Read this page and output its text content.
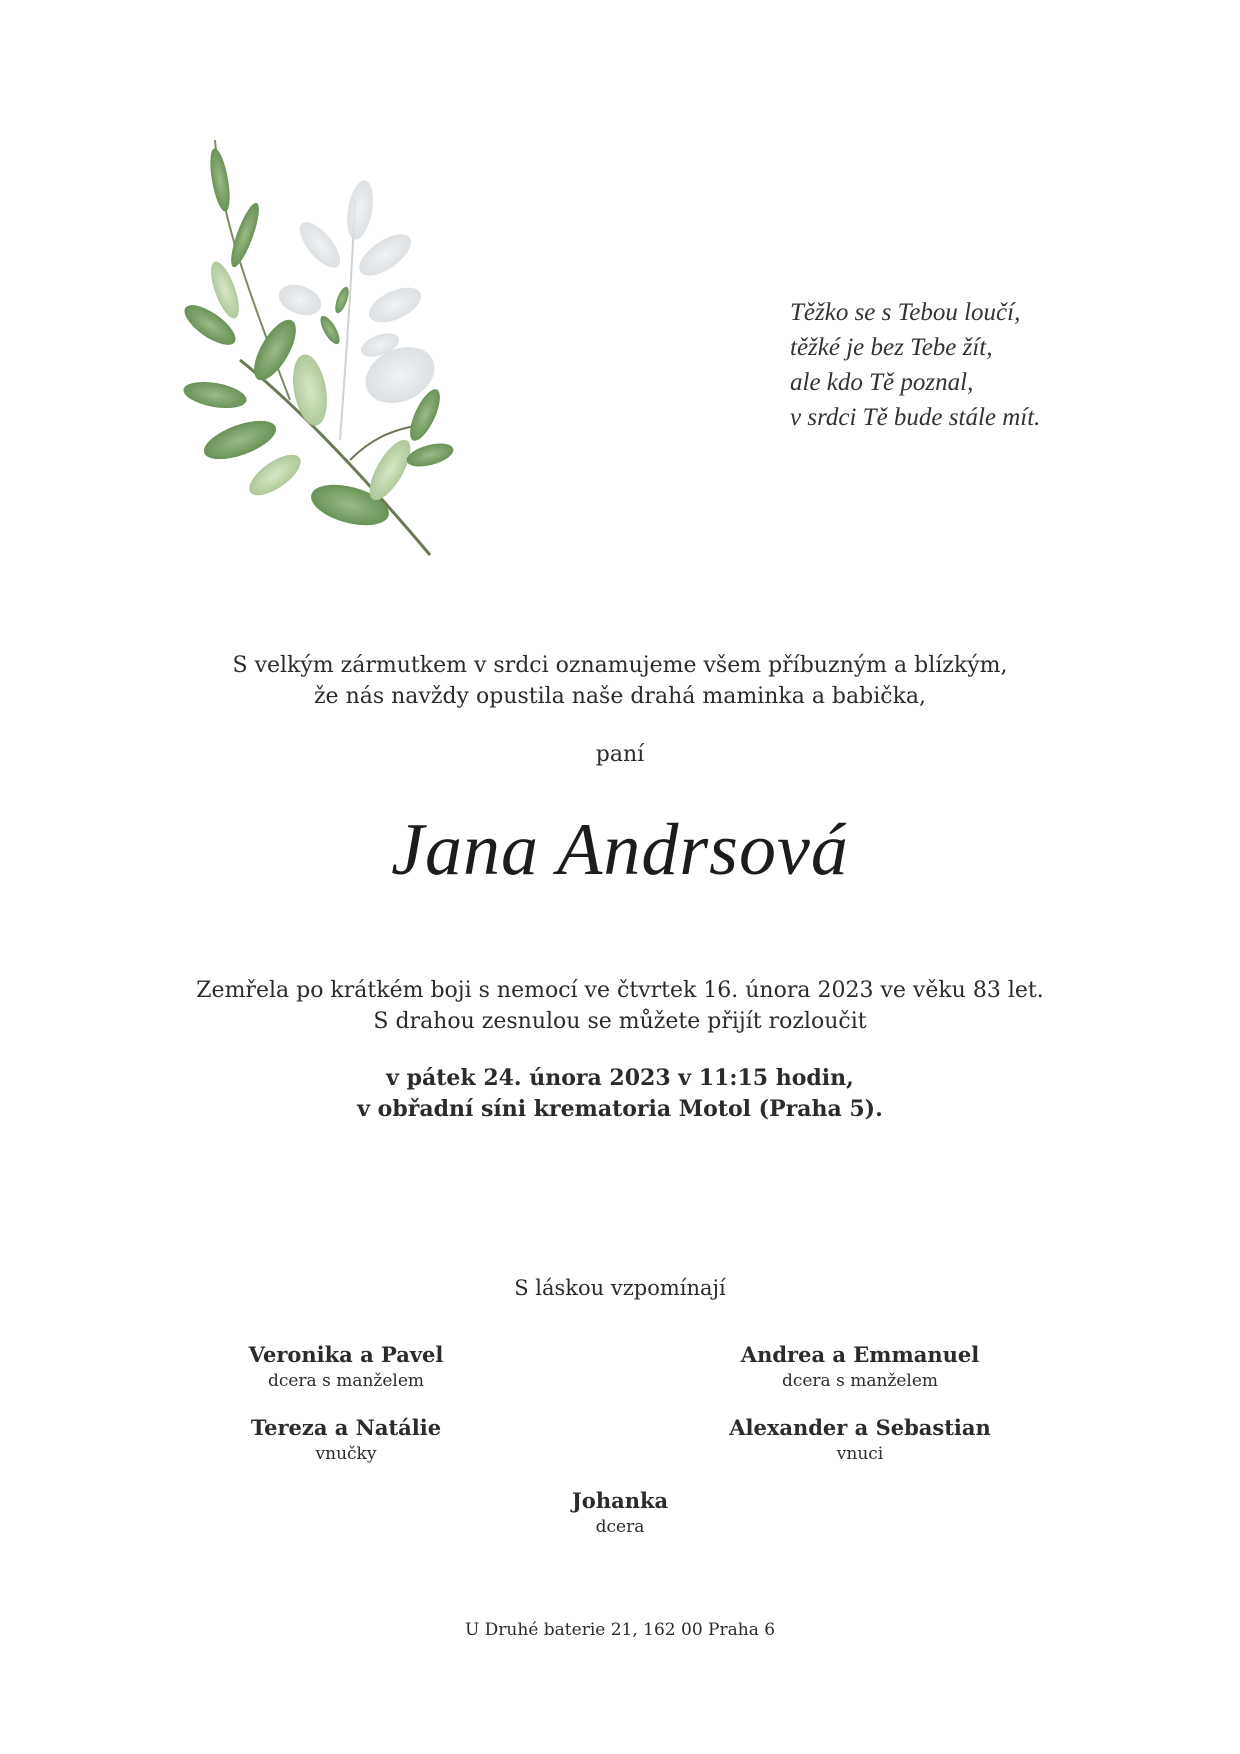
Těžko se s Tebou loučí,
těžké je bez Tebe žít,
ale kdo Tě poznal,
v srdci Tě bude stále mít.
S velkým zármutkem v srdci oznamujeme všem příbuzným a blízkým,
že nás navždy opustila naše drahá maminka a babička,
paní
Jana Andrsová
Zemřela po krátkém boji s nemocí ve čtvrtek 16. února 2023 ve věku 83 let.
S drahou zesnulou se můžete přijít rozloučit
v pátek 24. února 2023 v 11:15 hodin,
v obřadní síni krematoria Motol (Praha 5).
S láskou vzpomínají
Veronika a Pavel
dcera s manželem
Andrea a Emmanuel
dcera s manželem
Tereza a Natálie
vnučky
Alexander a Sebastian
vnuci
Johanka
dcera
U Druhé baterie 21, 162 00 Praha 6
